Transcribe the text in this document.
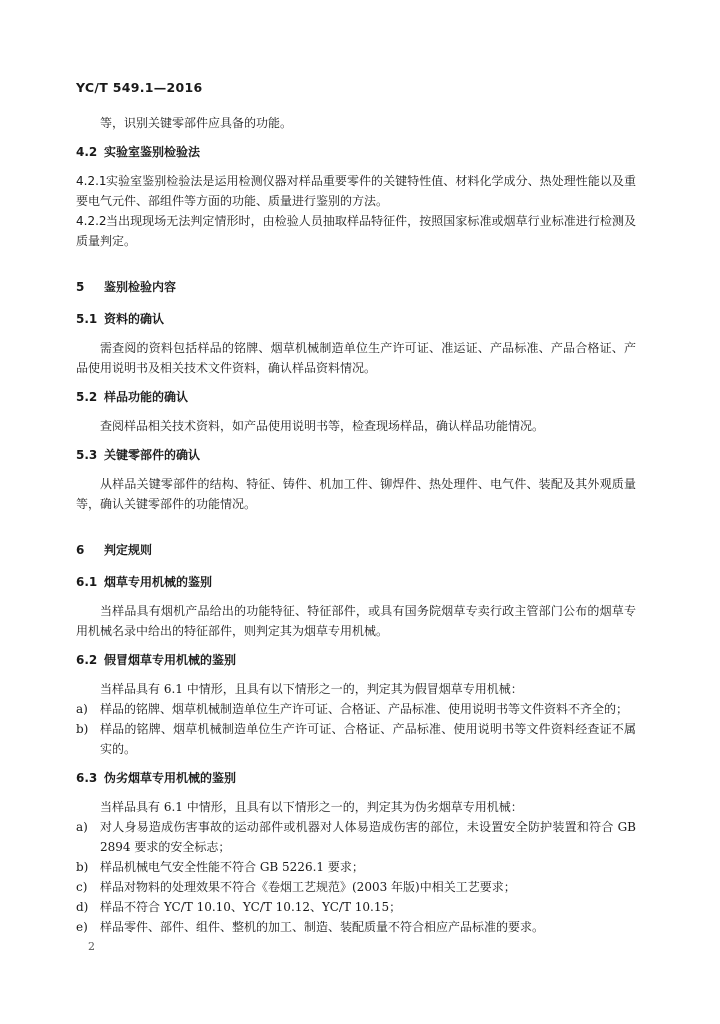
YC/T 549.1—2016

等，识别关键零部件应具备的功能。

4.2 实验室鉴别检验法

4.2.1实验室鉴别检验法是运用检测仪器对样品重要零件的关键特性值、材料化学成分、热处理性能以及重要电气元件、部组件等方面的功能、质量进行鉴别的方法。

4.2.2当出现现场无法判定情形时，由检验人员抽取样品特征件，按照国家标准或烟草行业标准进行检测及质量判定。

5 鉴别检验内容

5.1 资料的确认

需查阅的资料包括样品的铭牌、烟草机械制造单位生产许可证、准运证、产品标准、产品合格证、产品使用说明书及相关技术文件资料，确认样品资料情况。

5.2 样品功能的确认

查阅样品相关技术资料，如产品使用说明书等，检查现场样品，确认样品功能情况。

5.3 关键零部件的确认

从样品关键零部件的结构、特征、铸件、机加工件、铆焊件、热处理件、电气件、装配及其外观质量等，确认关键零部件的功能情况。

6 判定规则

6.1 烟草专用机械的鉴别

当样品具有烟机产品给出的功能特征、特征部件，或具有国务院烟草专卖行政主管部门公布的烟草专用机械名录中给出的特征部件，则判定其为烟草专用机械。

6.2 假冒烟草专用机械的鉴别

当样品具有 6.1 中情形，且具有以下情形之一的，判定其为假冒烟草专用机械：

a)	样品的铭牌、烟草机械制造单位生产许可证、合格证、产品标准、使用说明书等文件资料不齐全的；
b) 样品的铭牌、烟草机械制造单位生产许可证、合格证、产品标准、使用说明书等文件资料经查证不属实的。

6.3 伪劣烟草专用机械的鉴别

当样品具有 6.1 中情形，且具有以下情形之一的，判定其为伪劣烟草专用机械：

a)	对人身易造成伤害事故的运动部件或机器对人体易造成伤害的部位，未设置安全防护装置和符合 GB 2894 要求的安全标志；
b) 样品机械电气安全性能不符合 GB 5226.1 要求；
c)	样品对物料的处理效果不符合《卷烟工艺规范》(2003 年版)中相关工艺要求；
d) 样品不符合 YC/T 10.10、YC/T 10.12、YC/T 10.15；
e)	样品零件、部件、组件、整机的加工、制造、装配质量不符合相应产品标准的要求。
2
